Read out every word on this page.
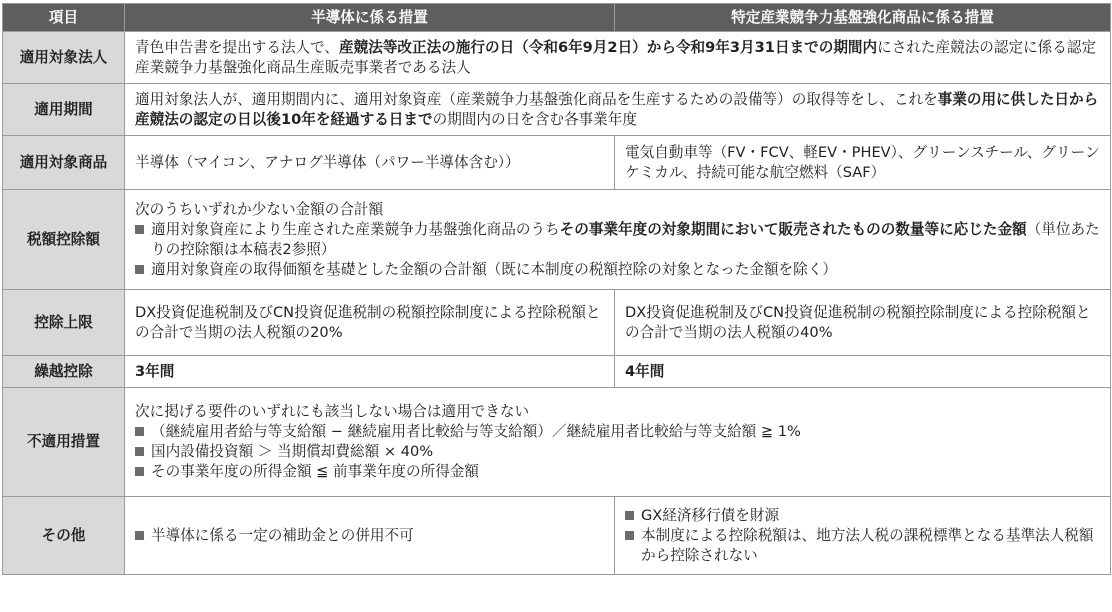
項目	半導体に係る措置	特定産業競争力基盤強化商品に係る措置
適用対象法人	青色申告書を提出する法人で、産競法等改正法の施行の日（令和6年9月2日）から令和9年3月31日までの期間内にされた産競法の認定に係る認定産業競争力基盤強化商品生産販売事業者である法人	
適用期間	適用対象法人が、適用期間内に、適用対象資産（産業競争力基盤強化商品を生産するための設備等）の取得等をし、これを事業の用に供した日から産競法の認定の日以後10年を経過する日までの期間内の日を含む各事業年度	
適用対象商品	半導体（マイコン、アナログ半導体（パワー半導体含む））	電気自動車等（FV・FCV、軽EV・PHEV）、グリーンスチール、グリーンケミカル、持続可能な航空燃料（SAF）
税額控除額	次のうちいずれか少ない金額の合計額
適用対象資産により生産された産業競争力基盤強化商品のうちその事業年度の対象期間において販売されたものの数量等に応じた金額（単位あたりの控除額は本稿表2参照）
適用対象資産の取得価額を基礎とした金額の合計額（既に本制度の税額控除の対象となった金額を除く）	

控除上限	DX投資促進税制及びCN投資促進税制の税額控除制度による控除税額との合計で当期の法人税額の20%	DX投資促進税制及びCN投資促進税制の税額控除制度による控除税額との合計で当期の法人税額の40%
繰越控除	3年間	4年間
不適用措置	次に掲げる要件のいずれにも該当しない場合は適用できない
（継続雇用者給与等支給額 − 継続雇用者比較給与等支給額）／継続雇用者比較給与等支給額 ≧ 1%
国内設備投資額 ＞ 当期償却費総額 × 40%
その事業年度の所得金額 ≦ 前事業年度の所得金額	

その他	半導体に係る一定の補助金との併用不可	GX経済移行債を財源
本制度による控除税額は、地方法人税の課税標準となる基準法人税額から控除されない
